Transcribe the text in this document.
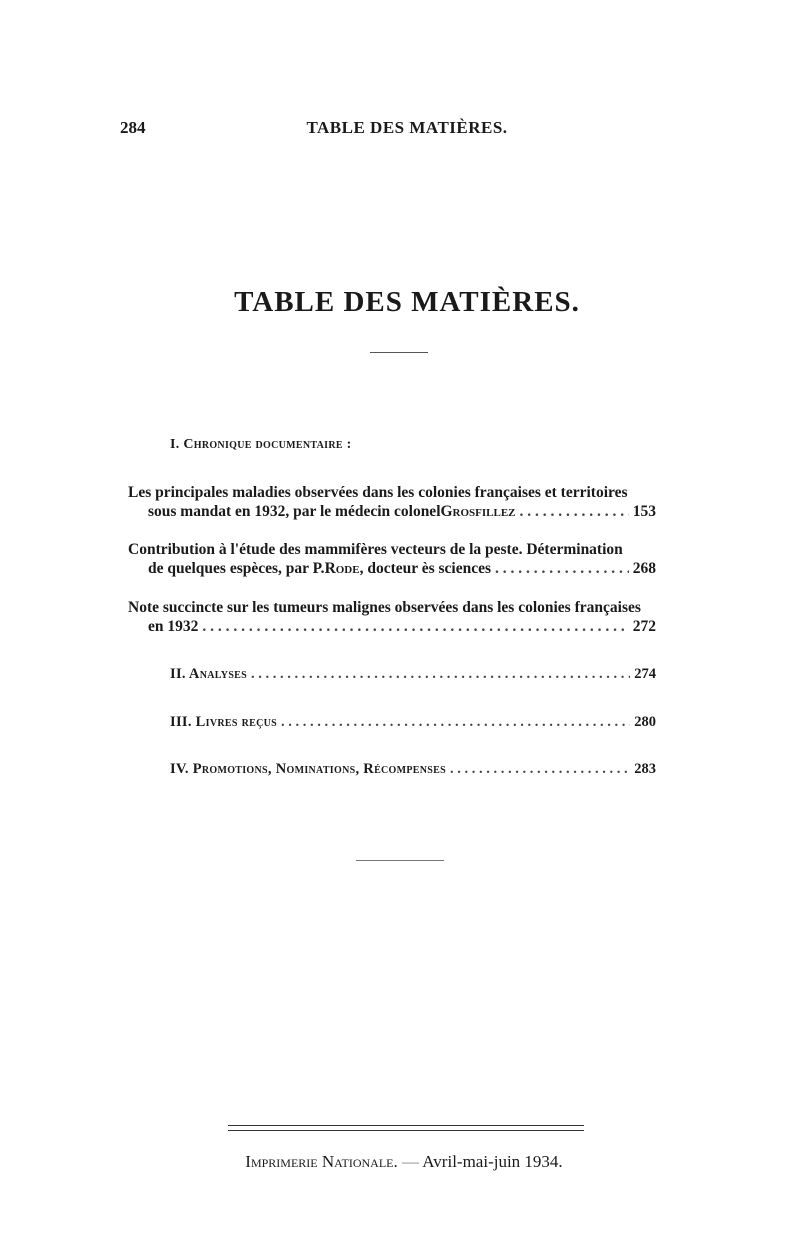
284	TABLE DES MATIÈRES.
TABLE DES MATIÈRES.
I. Chronique documentaire :
Les principales maladies observées dans les colonies françaises et territoires
sous mandat en 1932, par le médecin colonel Grosfillez . . .	153
Contribution à l'étude des mammifères vecteurs de la peste. Détermination
de quelques espèces, par P. Rode , docteur ès sciences . . .	268
Note succincte sur les tumeurs malignes observées dans les colonies françaises
en 1932 . . .	272
II. Analyses . . .	274
III. Livres reçus . . .	280
IV. Promotions, Nominations, Récompenses . . .	283
Imprimerie Nationale. — Avril-mai-juin 1934.
